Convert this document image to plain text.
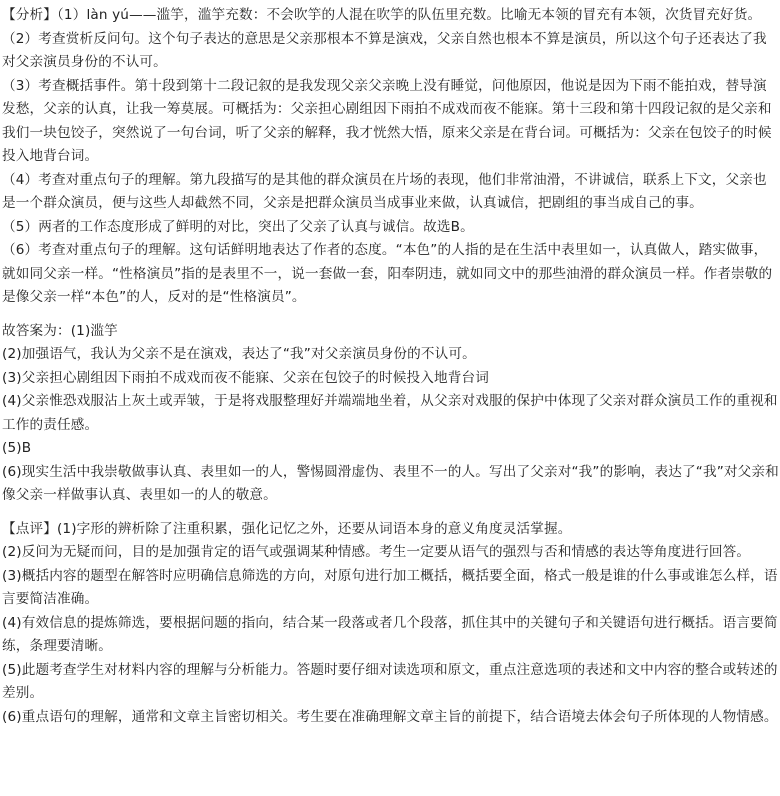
【分析】（1）làn yú——滥竽，滥竽充数：不会吹竽的人混在吹竽的队伍里充数。比喻无本领的冒充有本领，次货冒充好货。

（2）考查赏析反问句。这个句子表达的意思是父亲那根本不算是演戏，父亲自然也根本不算是演员，所以这个句子还表达了我对父亲演员身份的不认可。

（3）考查概括事件。第十段到第十二段记叙的是我发现父亲父亲晚上没有睡觉，问他原因，他说是因为下雨不能拍戏，替导演发愁，父亲的认真，让我一筹莫展。可概括为：父亲担心剧组因下雨拍不成戏而夜不能寐。第十三段和第十四段记叙的是父亲和我们一块包饺子，突然说了一句台词，听了父亲的解释，我才恍然大悟，原来父亲是在背台词。可概括为：父亲在包饺子的时候投入地背台词。

（4）考查对重点句子的理解。第九段描写的是其他的群众演员在片场的表现，他们非常油滑，不讲诚信，联系上下文，父亲也是一个群众演员，便与这些人却截然不同，父亲是把群众演员当成事业来做，认真诚信，把剧组的事当成自己的事。

（5）两者的工作态度形成了鲜明的对比，突出了父亲了认真与诚信。故选B。

（6）考查对重点句子的理解。这句话鲜明地表达了作者的态度。“本色”的人指的是在生活中表里如一，认真做人，踏实做事，就如同父亲一样。“性格演员”指的是表里不一，说一套做一套，阳奉阴违，就如同文中的那些油滑的群众演员一样。作者崇敬的是像父亲一样“本色”的人，反对的是“性格演员”。

故答案为：(1)滥竽

(2)加强语气，我认为父亲不是在演戏，表达了“我”对父亲演员身份的不认可。

(3)父亲担心剧组因下雨拍不成戏而夜不能寐、父亲在包饺子的时候投入地背台词

(4)父亲惟恐戏服沾上灰土或弄皱，于是将戏服整理好并端端地坐着，从父亲对戏服的保护中体现了父亲对群众演员工作的重视和工作的责任感。

(5)B

(6)现实生活中我崇敬做事认真、表里如一的人，警惕圆滑虚伪、表里不一的人。写出了父亲对“我”的影响，表达了“我”对父亲和像父亲一样做事认真、表里如一的人的敬意。

【点评】(1)字形的辨析除了注重积累，强化记忆之外，还要从词语本身的意义角度灵活掌握。

(2)反问为无疑而问，目的是加强肯定的语气或强调某种情感。考生一定要从语气的强烈与否和情感的表达等角度进行回答。

(3)概括内容的题型在解答时应明确信息筛选的方向，对原句进行加工概括，概括要全面，格式一般是谁的什么事或谁怎么样，语言要简洁准确。

(4)有效信息的提炼筛选，要根据问题的指向，结合某一段落或者几个段落，抓住其中的关键句子和关键语句进行概括。语言要简练，条理要清晰。

(5)此题考查学生对材料内容的理解与分析能力。答题时要仔细对读选项和原文，重点注意选项的表述和文中内容的整合或转述的差别。

(6)重点语句的理解，通常和文章主旨密切相关。考生要在准确理解文章主旨的前提下，结合语境去体会句子所体现的人物情感。
